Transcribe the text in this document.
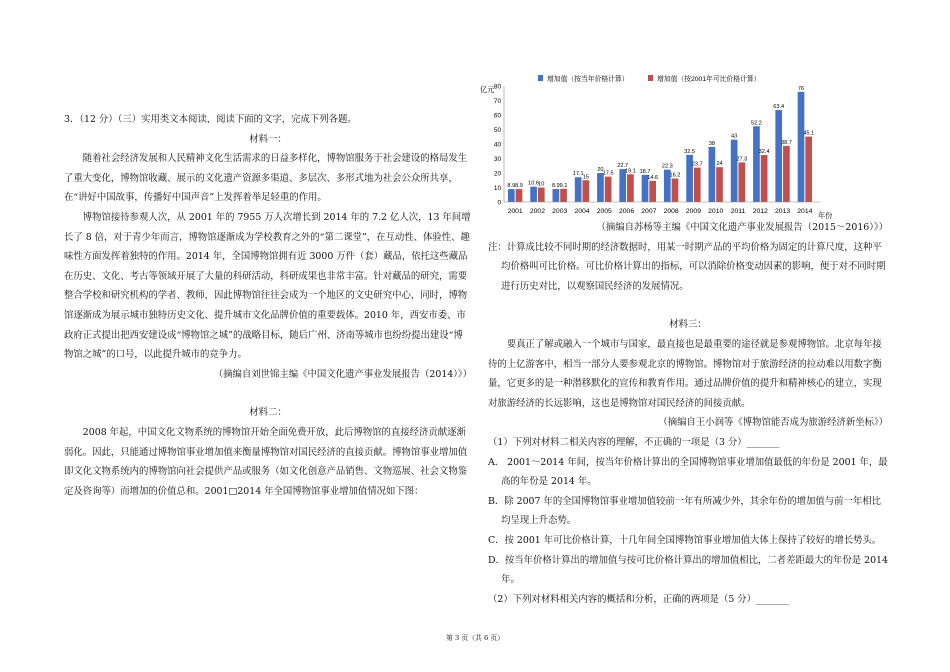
3．（12 分）（三）实用类文本阅读，阅读下面的文字，完成下列各题。

材料一：

随着社会经济发展和人民精神文化生活需求的日益多样化，博物馆服务于社会建设的格局发生了重大变化，博物馆收藏、展示的文化遗产资源多渠道、多层次、多形式地为社会公众所共享，在“讲好中国故事，传播好中国声音”上发挥着举足轻重的作用。

博物馆接待参观人次，从 2001 年的 7955 万人次增长到 2014 年的 7.2 亿人次，13 年间增长了 8 倍，对于青少年而言，博物馆逐渐成为学校教育之外的“第二课堂”，在互动性、体验性、趣味性方面发挥着独特的作用。2014 年，全国博物馆拥有近 3000 万件（套）藏品，依托这些藏品在历史、文化、考古等领域开展了大量的科研活动，科研成果也非常丰富。针对藏品的研究，需要整合学校和研究机构的学者、教师，因此博物馆往往会成为一个地区的文史研究中心，同时，博物馆逐渐成为展示城市独特历史文化、提升城市文化品牌价值的重要载体。2010 年，西安市委、市政府正式提出把西安建设成“博物馆之城”的战略目标，随后广州、济南等城市也纷纷提出建设“博物馆之城”的口号，以此提升城市的竞争力。

（摘编自刘世锦主编《中国文化遗产事业发展报告（2014）》）

材料二：

2008 年起，中国文化文物系统的博物馆开始全面免费开放，此后博物馆的直接经济贡献逐渐弱化。因此，只能通过博物馆事业增加值来衡量博物馆对国民经济的直接贡献。博物馆事业增加值即文化文物系统内的博物馆向社会提供产品或服务（如文化创意产品销售、文物巡展、社会文物鉴定及咨询等）而增加的价值总和。2001□2014 年全国博物馆事业增加值情况如下图：

增加值（按当年价格计算）	增加值（按2001年可比价格计算）
亿元
年份
0
10
20
30
40
50
60
70
80
8.9 10.6 8.9
17.1
20
22.7
18.7
22.3
32.5
38
43
52.2
63.4
76
8.9	10	9.1
15
17.5 19.1
14.6 16.2
23.7 24
27.3
32.4
38.7
45.1
2001 2002 2003 2004 2005 2006 2007 2008 2009 2010 2011 2012 2013 2014

（摘编自苏杨等主编《中国文化遗产事业发展报告（2015～2016）》）

注：计算成比较不同时期的经济数据时，用某一时期产品的平均价格为固定的计算尺度，这种平均价格叫可比价格。可比价格计算出的指标，可以消除价格变动因素的影响，便于对不同时期进行历史对比，以观察国民经济的发展情况。

材料三：

要真正了解或融入一个城市与国家，最直接也是最重要的途径就是参观博物馆。北京每年接待的上亿游客中，相当一部分人要参观北京的博物馆。博物馆对于旅游经济的拉动难以用数字衡量，它更多的是一种潜移默化的宣传和教育作用。通过品牌价值的提升和精神核心的建立，实现对旅游经济的长远影响，这也是博物馆对国民经济的间接贡献。

（摘编自王小润等《博物馆能否成为旅游经济新坐标》）

（1）下列对材料二相关内容的理解，不正确的一项是（3 分）_______

A． 2001～2014 年间，按当年价格计算出的全国博物馆事业增加值最低的年份是 2001 年，最高的年份是 2014 年。

B．除 2007 年的全国博物馆事业增加值较前一年有所减少外，其余年份的增加值与前一年相比均呈现上升态势。

C．按 2001 年可比价格计算，十几年间全国博物馆事业增加值大体上保持了较好的增长势头。

D．按当年价格计算出的增加值与按可比价格计算出的增加值相比，二者差距最大的年份是 2014 年。

（2）下列对材料相关内容的概括和分析，正确的两项是（5 分）_______

第 3 页（共 6 页）
